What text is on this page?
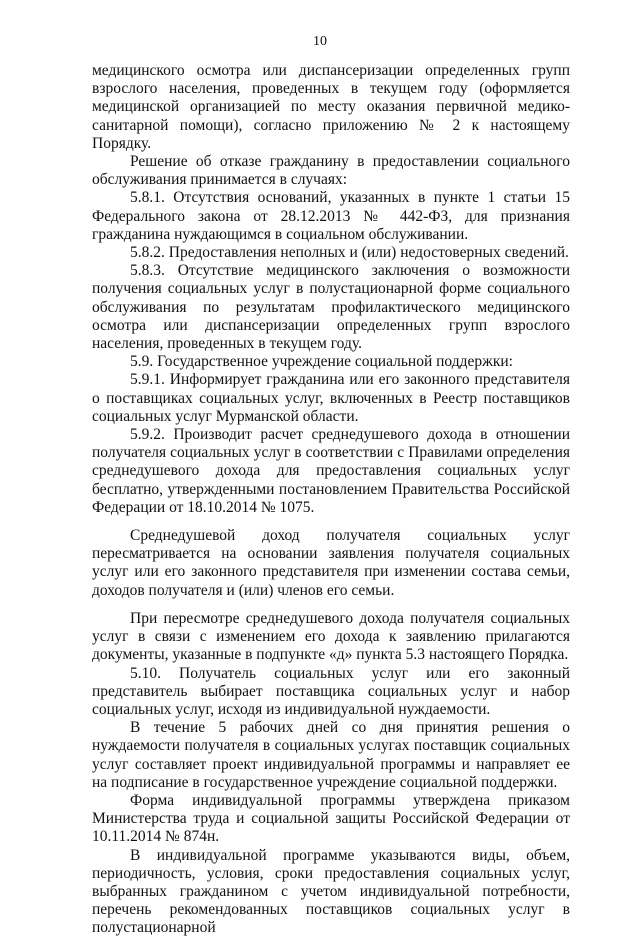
10

медицинского осмотра или диспансеризации определенных групп взрослого населения, проведенных в текущем году (оформляется медицинской организацией по месту оказания первичной медико-санитарной помощи), согласно приложению № 2 к настоящему Порядку.

Решение об отказе гражданину в предоставлении социального обслуживания принимается в случаях:

5.8.1. Отсутствия оснований, указанных в пункте 1 статьи 15 Федерального закона от 28.12.2013 № 442-ФЗ, для признания гражданина нуждающимся в социальном обслуживании.

5.8.2. Предоставления неполных и (или) недостоверных сведений.

5.8.3. Отсутствие медицинского заключения о возможности получения социальных услуг в полустационарной форме социального обслуживания по результатам профилактического медицинского осмотра или диспансеризации определенных групп взрослого населения, проведенных в текущем году.

5.9. Государственное учреждение социальной поддержки:

5.9.1. Информирует гражданина или его законного представителя о поставщиках социальных услуг, включенных в Реестр поставщиков социальных услуг Мурманской области.

5.9.2. Производит расчет среднедушевого дохода в отношении получателя социальных услуг в соответствии с Правилами определения среднедушевого дохода для предоставления социальных услуг бесплатно, утвержденными постановлением Правительства Российской Федерации от 18.10.2014 № 1075.

Среднедушевой доход получателя социальных услуг пересматривается на основании заявления получателя социальных услуг или его законного представителя при изменении состава семьи, доходов получателя и (или) членов его семьи.

При пересмотре среднедушевого дохода получателя социальных услуг в связи с изменением его дохода к заявлению прилагаются документы, указанные в подпункте «д» пункта 5.3 настоящего Порядка.

5.10. Получатель социальных услуг или его законный представитель выбирает поставщика социальных услуг и набор социальных услуг, исходя из индивидуальной нуждаемости.

В течение 5 рабочих дней со дня принятия решения о нуждаемости получателя в социальных услугах поставщик социальных услуг составляет проект индивидуальной программы и направляет ее на подписание в государственное учреждение социальной поддержки.

Форма индивидуальной программы утверждена приказом Министерства труда и социальной защиты Российской Федерации от 10.11.2014 № 874н.

В индивидуальной программе указываются виды, объем, периодичность, условия, сроки предоставления социальных услуг, выбранных гражданином с учетом индивидуальной потребности, перечень рекомендованных поставщиков социальных услуг в полустационарной
